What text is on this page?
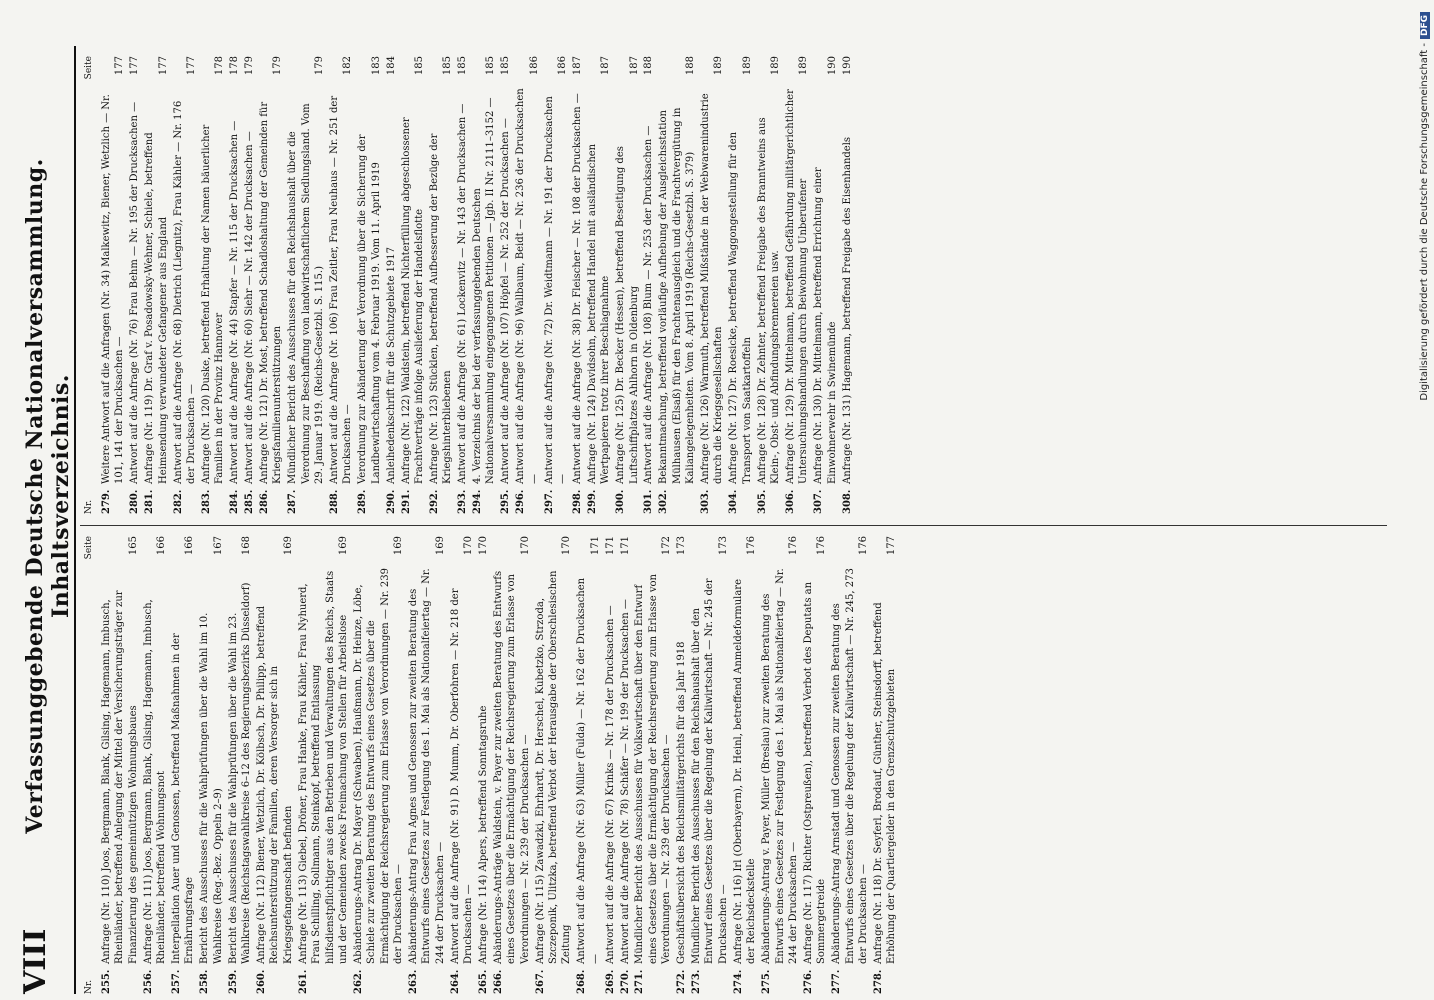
VIII
Verfassunggebende Deutsche Nationalversammlung. Inhaltsverzeichnis.
Nr.
Seite
255.
Anfrage (Nr. 110) Joos, Bergmann, Blank, Gilsing, Hagemann, Imbusch, Rheinländer, betreffend Anlegung der Mittel der Versicherungsträger zur Finanzierung des gemeinnützigen Wohnungsbaues
165
256.
Anfrage (Nr. 111) Joos, Bergmann, Blank, Gilsing, Hagemann, Imbusch, Rheinländer, betreffend Wohnungsnot
166
257.
Interpellation Auer und Genossen, betreffend Maßnahmen in der Ernährungsfrage
166
258.
Bericht des Ausschusses für die Wahlprüfungen über die Wahl im 10. Wahlkreise (Reg.-Bez. Oppeln 2–9)
167
259.
Bericht des Ausschusses für die Wahlprüfungen über die Wahl im 23. Wahlkreise (Reichstagswahlkreise 6–12 des Regierungsbezirks Düsseldorf)
168
260.
Anfrage (Nr. 112) Biener, Wetzlich, Dr. Kölbsch, Dr. Philipp, betreffend Reichsunterstützung der Familien, deren Versorger sich in Kriegsgefangenschaft befinden
169
261.
Anfrage (Nr. 113) Giebel, Dröner, Frau Hanke, Frau Kähler, Frau Nyhuerd, Frau Schilling, Sollmann, Steinkopf, betreffend Entlassung hilfsdienstpflichtiger aus den Betrieben und Verwaltungen des Reichs, Staats und der Gemeinden zwecks Freimachung von Stellen für Arbeitslose
169
262.
Abänderungs-Antrag Dr. Mayer (Schwaben), Haußmann, Dr. Heinze, Löbe, Schiele zur zweiten Beratung des Entwurfs eines Gesetzes über die Ermächtigung der Reichsregierung zum Erlasse von Verordnungen — Nr. 239 der Drucksachen —
169
263.
Abänderungs-Antrag Frau Agnes und Genossen zur zweiten Beratung des Entwurfs eines Gesetzes zur Festlegung des 1. Mai als Nationalfeiertag — Nr. 244 der Drucksachen —
169
264.
Antwort auf die Anfrage (Nr. 91) D. Mumm, Dr. Oberfohren — Nr. 218 der Drucksachen —
170
265.
Anfrage (Nr. 114) Alpers, betreffend Sonntagsruhe
170
266.
Abänderungs-Anträge Waldstein, v. Payer zur zweiten Beratung des Entwurfs eines Gesetzes über die Ermächtigung der Reichsregierung zum Erlasse von Verordnungen — Nr. 239 der Drucksachen —
170
267.
Anfrage (Nr. 115) Zawadzki, Ehrhardt, Dr. Herschel, Kubetzko, Strzoda, Szczeponik, Ulitzka, betreffend Verbot der Herausgabe der Oberschlesischen Zeitung
170
268.
Antwort auf die Anfrage (Nr. 63) Müller (Fulda) — Nr. 162 der Drucksachen —
171
269.
Antwort auf die Anfrage (Nr. 67) Krinks — Nr. 178 der Drucksachen —
171
270.
Antwort auf die Anfrage (Nr. 78) Schäfer — Nr. 199 der Drucksachen —
171
271.
Mündlicher Bericht des Ausschusses für Volkswirtschaft über den Entwurf eines Gesetzes über die Ermächtigung der Reichsregierung zum Erlasse von Verordnungen — Nr. 239 der Drucksachen —
172
272.
Geschäftsübersicht des Reichsmilitärgerichts für das Jahr 1918
173
273.
Mündlicher Bericht des Ausschusses für den Reichshaushalt über den Entwurf eines Gesetzes über die Regelung der Kaliwirtschaft — Nr. 245 der Drucksachen —
173
274.
Anfrage (Nr. 116) Irl (Oberbayern), Dr. Heinl, betreffend Anmeldeformulare der Reichsdeckstelle
176
275.
Abänderungs-Antrag v. Payer, Müller (Breslau) zur zweiten Beratung des Entwurfs eines Gesetzes zur Festlegung des 1. Mai als Nationalfeiertag — Nr. 244 der Drucksachen —
176
276.
Anfrage (Nr. 117) Richter (Ostpreußen), betreffend Verbot des Deputats an Sommergetreide
176
277.
Abänderungs-Antrag Arnstadt und Genossen zur zweiten Beratung des Entwurfs eines Gesetzes über die Regelung der Kaliwirtschaft — Nr. 245, 273 der Drucksachen —
176
278.
Anfrage (Nr. 118) Dr. Seyferl, Brodauf, Günther, Steinsdorff, betreffend Erhöhung der Quartiergelder in den Grenzschutzgebieten
177
Nr.
Seite
279.
Weitere Antwort auf die Anfragen (Nr. 34) Malkewitz, Biener, Wetzlich — Nr. 101, 141 der Drucksachen —
177
280.
Antwort auf die Anfrage (Nr. 76) Frau Behm — Nr. 195 der Drucksachen —
177
281.
Anfrage (Nr. 119) Dr. Graf v. Posadowsky-Wehner, Schiele, betreffend Heimsendung verwundeter Gefangener aus England
177
282.
Antwort auf die Anfrage (Nr. 68) Dietrich (Liegnitz), Frau Kähler — Nr. 176 der Drucksachen —
177
283.
Anfrage (Nr. 120) Duske, betreffend Erhaltung der Namen bäuerlicher Familien in der Provinz Hannover
178
284.
Antwort auf die Anfrage (Nr. 44) Stapfer — Nr. 115 der Drucksachen —
178
285.
Antwort auf die Anfrage (Nr. 60) Siehr — Nr. 142 der Drucksachen —
179
286.
Anfrage (Nr. 121) Dr. Most, betreffend Schadloshaltung der Gemeinden für Kriegsfamilienunterstützungen
179
287.
Mündlicher Bericht des Ausschusses für den Reichshaushalt über die Verordnung zur Beschaffung von landwirtschaftlichem Siedlungsland. Vom 29. Januar 1919. (Reichs-Gesetzbl. S. 115.)
179
288.
Antwort auf die Anfrage (Nr. 106) Frau Zeitler, Frau Neuhaus — Nr. 251 der Drucksachen —
182
289.
Verordnung zur Abänderung der Verordnung über die Sicherung der Landbewirtschaftung vom 4. Februar 1919. Vom 11. April 1919
183
290.
Anleihedenkschrift für die Schutzgebiete 1917
184
291.
Anfrage (Nr. 122) Waldstein, betreffend Nichterfüllung abgeschlossener Frachtverträge infolge Auslieferung der Handelsflotte
185
292.
Anfrage (Nr. 123) Stücklen, betreffend Aufbesserung der Bezüge der Kriegshinterbliebenen
185
293.
Antwort auf die Anfrage (Nr. 61) Lockenvitz — Nr. 143 der Drucksachen —
185
294.
4. Verzeichnis der bei der verfassunggebenden Deutschen Nationalversammlung eingegangenen Petitionen — Jgb. II Nr. 2111–3152 —
185
295.
Antwort auf die Anfrage (Nr. 107) Höpfel — Nr. 252 der Drucksachen —
185
296.
Antwort auf die Anfrage (Nr. 96) Wallbaum, Beidt — Nr. 236 der Drucksachen —
186
297.
Antwort auf die Anfrage (Nr. 72) Dr. Weidtmann — Nr. 191 der Drucksachen —
186
298.
Antwort auf die Anfrage (Nr. 38) Dr. Fleischer — Nr. 108 der Drucksachen —
187
299.
Anfrage (Nr. 124) Davidsohn, betreffend Handel mit ausländischen Wertpapieren trotz ihrer Beschlagnahme
187
300.
Anfrage (Nr. 125) Dr. Becker (Hessen), betreffend Beseitigung des Luftschiffplatzes Ahlhorn in Oldenburg
187
301.
Antwort auf die Anfrage (Nr. 108) Blum — Nr. 253 der Drucksachen —
188
302.
Bekanntmachung, betreffend vorläufige Aufhebung der Ausgleichsstation Mülhausen (Elsaß) für den Frachtenausgleich und die Frachtvergütung in Kaliangelegenheiten. Vom 8. April 1919 (Reichs-Gesetzbl. S. 379)
188
303.
Anfrage (Nr. 126) Warmuth, betreffend Mißstände in der Webwarenindustrie durch die Kriegsgesellschaften
189
304.
Anfrage (Nr. 127) Dr. Roesicke, betreffend Waggongestellung für den Transport von Saatkartoffeln
189
305.
Anfrage (Nr. 128) Dr. Zehnter, betreffend Freigabe des Branntweins aus Klein-, Obst- und Abfindungsbrennereien usw.
189
306.
Anfrage (Nr. 129) Dr. Mittelmann, betreffend Gefährdung militärgerichtlicher Untersuchungshandlungen durch Beiwohnung Unberufener
189
307.
Anfrage (Nr. 130) Dr. Mittelmann, betreffend Errichtung einer Einwohnerwehr in Swinemünde
190
308.
Anfrage (Nr. 131) Hagemann, betreffend Freigabe des Eisenhandels
190	Digitalisierung gefördert durch die Deutsche Forschungsgemeinschaft -DFG
